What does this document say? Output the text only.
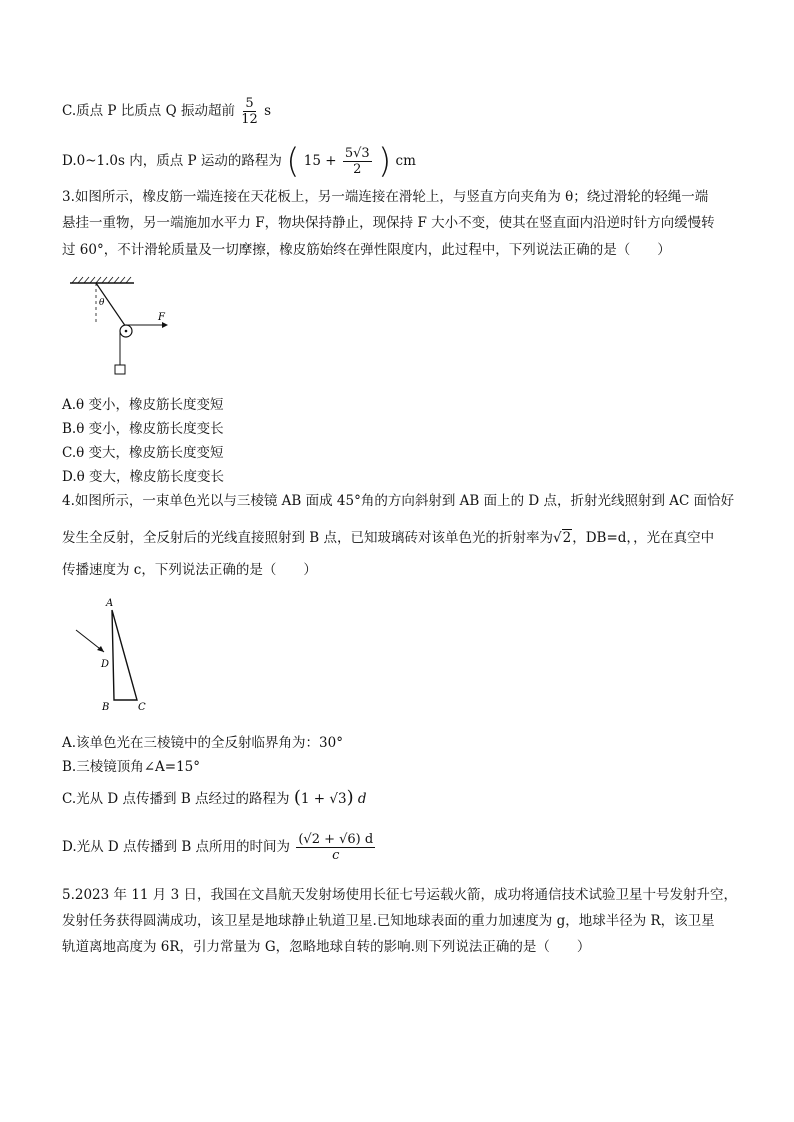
C.质点 P 比质点 Q 振动超前 $\frac{5}{12}$ s
D.0~1.0s 内，质点 P 运动的路程为 ( $15 + \frac{5√3}{2}$ ) cm
3.如图所示，橡皮筋一端连接在天花板上，另一端连接在滑轮上，与竖直方向夹角为 θ；绕过滑轮的轻绳一端
悬挂一重物，另一端施加水平力 F，物块保持静止，现保持 F 大小不变，使其在竖直面内沿逆时针方向缓慢转
过 60°，不计滑轮质量及一切摩擦，橡皮筋始终在弹性限度内，此过程中，下列说法正确的是（　　）
θ
F
A.θ 变小，橡皮筋长度变短
B.θ 变小，橡皮筋长度变长
C.θ 变大，橡皮筋长度变短
D.θ 变大，橡皮筋长度变长
4.如图所示，一束单色光以与三棱镜 AB 面成 45°角的方向斜射到 AB 面上的 D 点，折射光线照射到 AC 面恰好
发生全反射，全反射后的光线直接照射到 B 点，已知玻璃砖对该单色光的折射率为√2，DB=d，，光在真空中
传播速度为 c，下列说法正确的是（　　）
A
D
B	C
A.该单色光在三棱镜中的全反射临界角为：30°
B.三棱镜顶角∠A=15°
C.光从 D 点传播到 B 点经过的路程为 (1 + √3) d
D.光从 D 点传播到 B 点所用的时间为 $\frac{(√2 + √6) d}{c}$
5.2023 年 11 月 3 日，我国在文昌航天发射场使用长征七号运载火箭，成功将通信技术试验卫星十号发射升空，
发射任务获得圆满成功，该卫星是地球静止轨道卫星.已知地球表面的重力加速度为 g，地球半径为 R，该卫星
轨道离地高度为 6R，引力常量为 G，忽略地球自转的影响.则下列说法正确的是（　　）
